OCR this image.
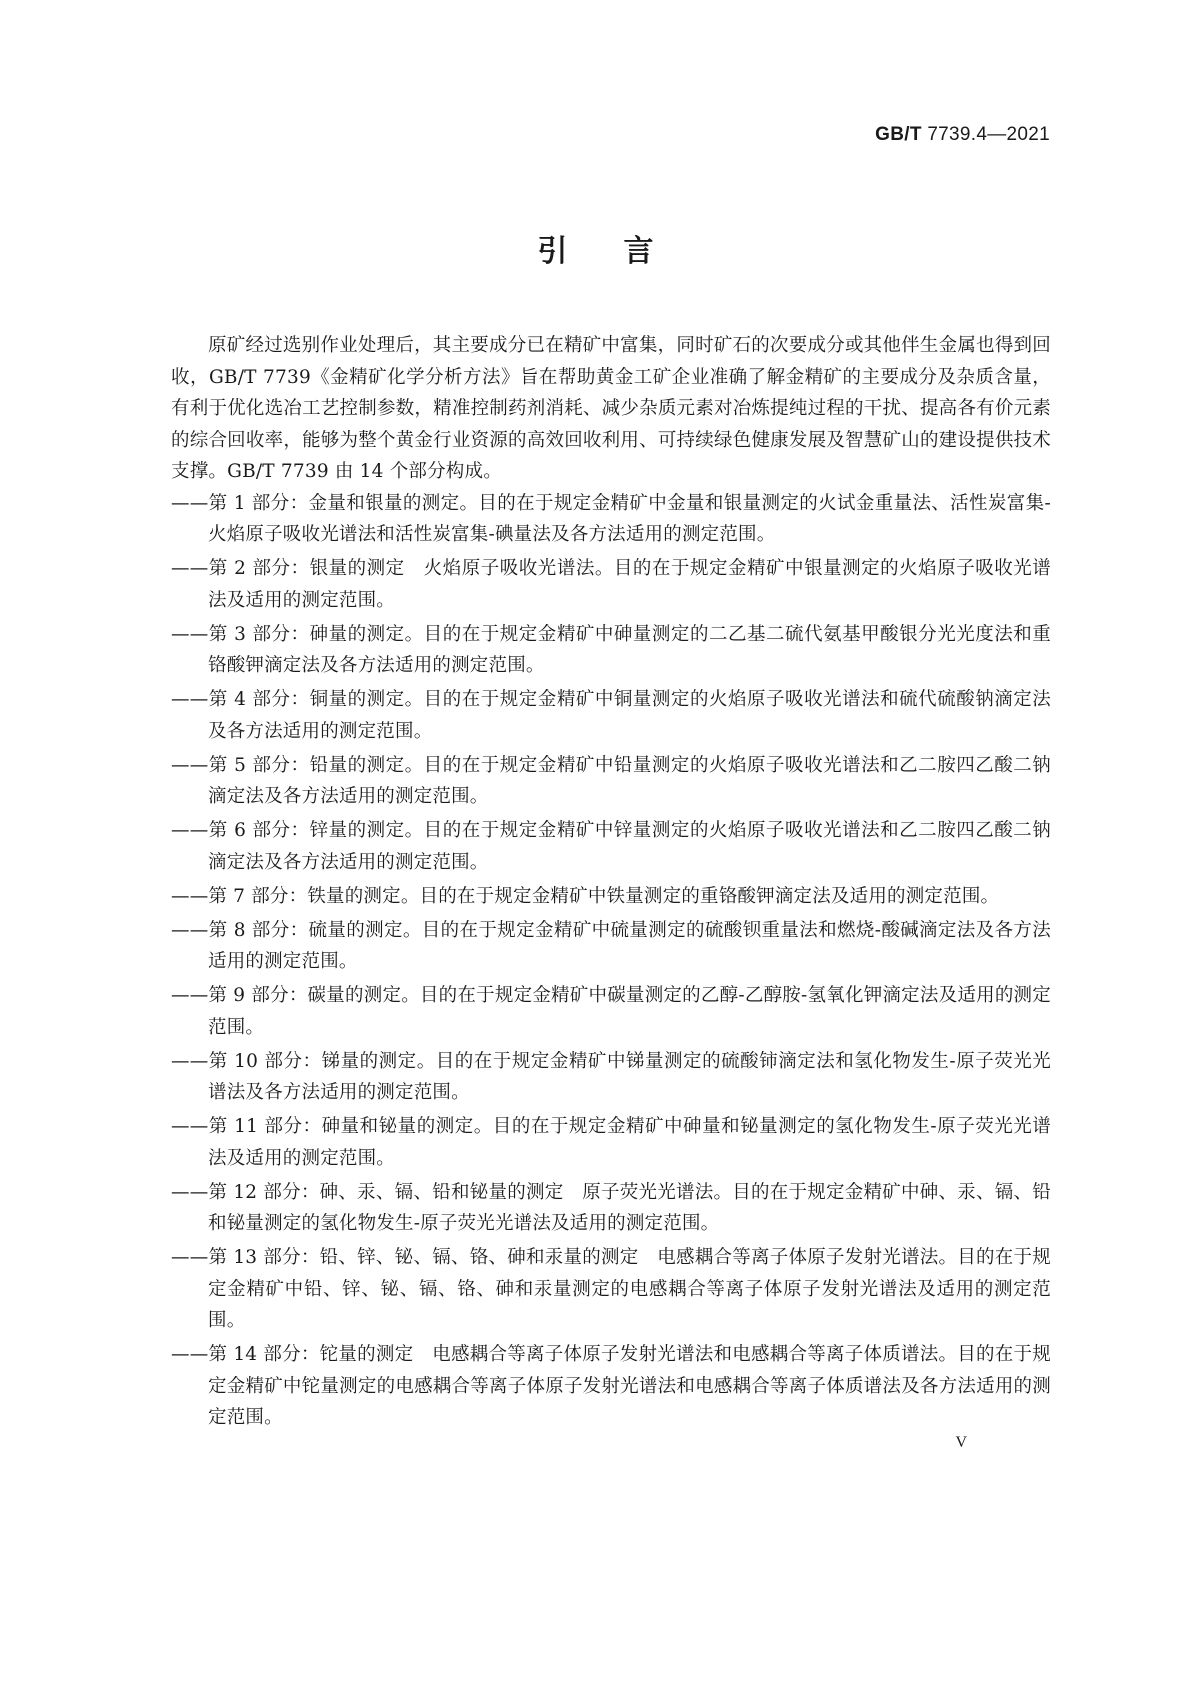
GB/T 7739.4—2021
引言

原矿经过选别作业处理后，其主要成分已在精矿中富集，同时矿石的次要成分或其他伴生金属也得到回收，GB/T 7739《金精矿化学分析方法》旨在帮助黄金工矿企业准确了解金精矿的主要成分及杂质含量，有利于优化选冶工艺控制参数，精准控制药剂消耗、减少杂质元素对冶炼提纯过程的干扰、提高各有价元素的综合回收率，能够为整个黄金行业资源的高效回收利用、可持续绿色健康发展及智慧矿山的建设提供技术支撑。GB/T 7739 由 14 个部分构成。

——第 1 部分：金量和银量的测定。目的在于规定金精矿中金量和银量测定的火试金重量法、活性炭富集-火焰原子吸收光谱法和活性炭富集-碘量法及各方法适用的测定范围。
——第 2 部分：银量的测定　火焰原子吸收光谱法。目的在于规定金精矿中银量测定的火焰原子吸收光谱法及适用的测定范围。
——第 3 部分：砷量的测定。目的在于规定金精矿中砷量测定的二乙基二硫代氨基甲酸银分光光度法和重铬酸钾滴定法及各方法适用的测定范围。
——第 4 部分：铜量的测定。目的在于规定金精矿中铜量测定的火焰原子吸收光谱法和硫代硫酸钠滴定法及各方法适用的测定范围。
——第 5 部分：铅量的测定。目的在于规定金精矿中铅量测定的火焰原子吸收光谱法和乙二胺四乙酸二钠滴定法及各方法适用的测定范围。
——第 6 部分：锌量的测定。目的在于规定金精矿中锌量测定的火焰原子吸收光谱法和乙二胺四乙酸二钠滴定法及各方法适用的测定范围。
——第 7 部分：铁量的测定。目的在于规定金精矿中铁量测定的重铬酸钾滴定法及适用的测定范围。
——第 8 部分：硫量的测定。目的在于规定金精矿中硫量测定的硫酸钡重量法和燃烧-酸碱滴定法及各方法适用的测定范围。
——第 9 部分：碳量的测定。目的在于规定金精矿中碳量测定的乙醇-乙醇胺-氢氧化钾滴定法及适用的测定范围。
——第 10 部分：锑量的测定。目的在于规定金精矿中锑量测定的硫酸铈滴定法和氢化物发生-原子荧光光谱法及各方法适用的测定范围。
——第 11 部分：砷量和铋量的测定。目的在于规定金精矿中砷量和铋量测定的氢化物发生-原子荧光光谱法及适用的测定范围。
——第 12 部分：砷、汞、镉、铅和铋量的测定　原子荧光光谱法。目的在于规定金精矿中砷、汞、镉、铅和铋量测定的氢化物发生-原子荧光光谱法及适用的测定范围。
——第 13 部分：铅、锌、铋、镉、铬、砷和汞量的测定　电感耦合等离子体原子发射光谱法。目的在于规定金精矿中铅、锌、铋、镉、铬、砷和汞量测定的电感耦合等离子体原子发射光谱法及适用的测定范围。
——第 14 部分：铊量的测定　电感耦合等离子体原子发射光谱法和电感耦合等离子体质谱法。目的在于规定金精矿中铊量测定的电感耦合等离子体原子发射光谱法和电感耦合等离子体质谱法及各方法适用的测定范围。
V
